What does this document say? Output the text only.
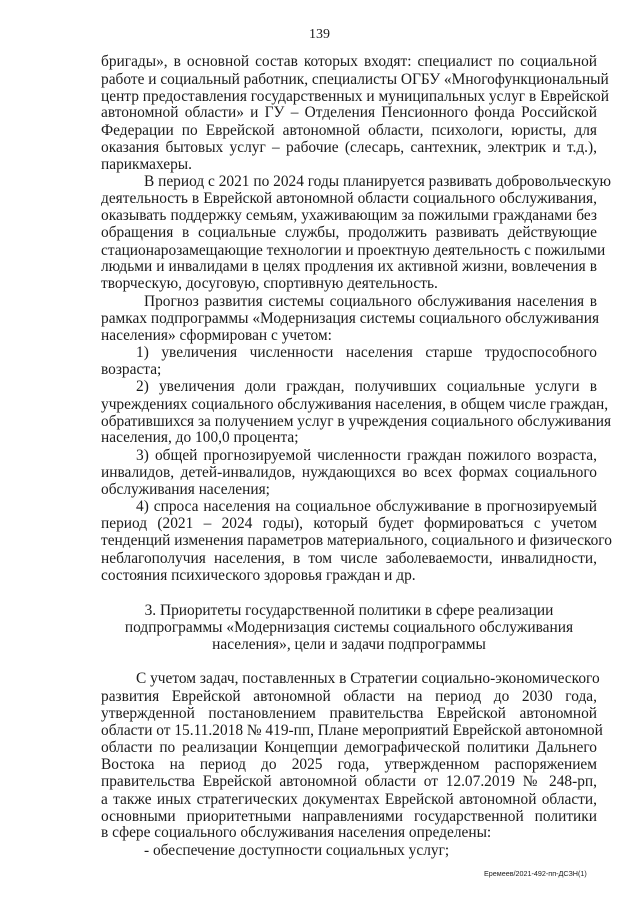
139

бригады», в основной состав которых входят: специалист по социальной

работе и социальный работник, специалисты ОГБУ «Многофункциональный

центр предоставления государственных и муниципальных услуг в Еврейской

автономной области» и ГУ – Отделения Пенсионного фонда Российской

Федерации по Еврейской автономной области, психологи, юристы, для

оказания бытовых услуг – рабочие (слесарь, сантехник, электрик и т.д.),

парикмахеры.

В период с 2021 по 2024 годы планируется развивать добровольческую

деятельность в Еврейской автономной области социального обслуживания,

оказывать поддержку семьям, ухаживающим за пожилыми гражданами без

обращения в социальные службы, продолжить развивать действующие

стационарозамещающие технологии и проектную деятельность с пожилыми

людьми и инвалидами в целях продления их активной жизни, вовлечения в

творческую, досуговую, спортивную деятельность.

Прогноз развития системы социального обслуживания населения в

рамках подпрограммы «Модернизация системы социального обслуживания

населения» сформирован с учетом:

1) увеличения численности населения старше трудоспособного

возраста;

2) увеличения доли граждан, получивших социальные услуги в

учреждениях социального обслуживания населения, в общем числе граждан,

обратившихся за получением услуг в учреждения социального обслуживания

населения, до 100,0 процента;

3) общей прогнозируемой численности граждан пожилого возраста,

инвалидов, детей-инвалидов, нуждающихся во всех формах социального

обслуживания населения;

4) спроса населения на социальное обслуживание в прогнозируемый

период (2021 – 2024 годы), который будет формироваться с учетом

тенденций изменения параметров материального, социального и физического

неблагополучия населения, в том числе заболеваемости, инвалидности,

состояния психического здоровья граждан и др.

3. Приоритеты государственной политики в сфере реализации

подпрограммы «Модернизация системы социального обслуживания

населения», цели и задачи подпрограммы

С учетом задач, поставленных в Стратегии социально-экономического

развития Еврейской автономной области на период до 2030 года,

утвержденной постановлением правительства Еврейской автономной

области от 15.11.2018 № 419-пп, Плане мероприятий Еврейской автономной

области по реализации Концепции демографической политики Дальнего

Востока на период до 2025 года, утвержденном распоряжением

правительства Еврейской автономной области от 12.07.2019 № 248-рп,

а также иных стратегических документах Еврейской автономной области,

основными приоритетными направлениями государственной политики

в сфере социального обслуживания населения определены:

- обеспечение доступности социальных услуг;

Еремеев/2021-492-пп-ДСЗН(1)
